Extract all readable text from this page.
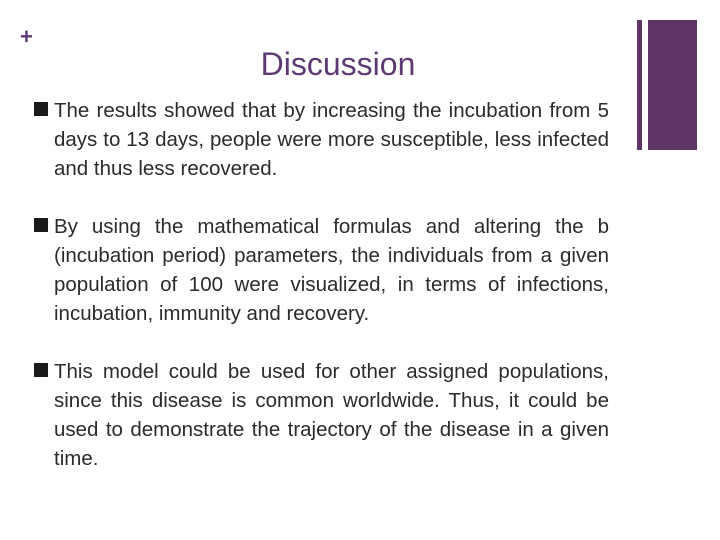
+
Discussion
The results showed that by increasing the incubation from 5 days to 13 days, people were more susceptible, less infected and thus less recovered.
By using the mathematical formulas and altering the b (incubation period) parameters, the individuals from a given population of 100 were visualized, in terms of infections, incubation, immunity and recovery.
This model could be used for other assigned populations, since this disease is common worldwide. Thus, it could be used to demonstrate the trajectory of the disease in a given time.
